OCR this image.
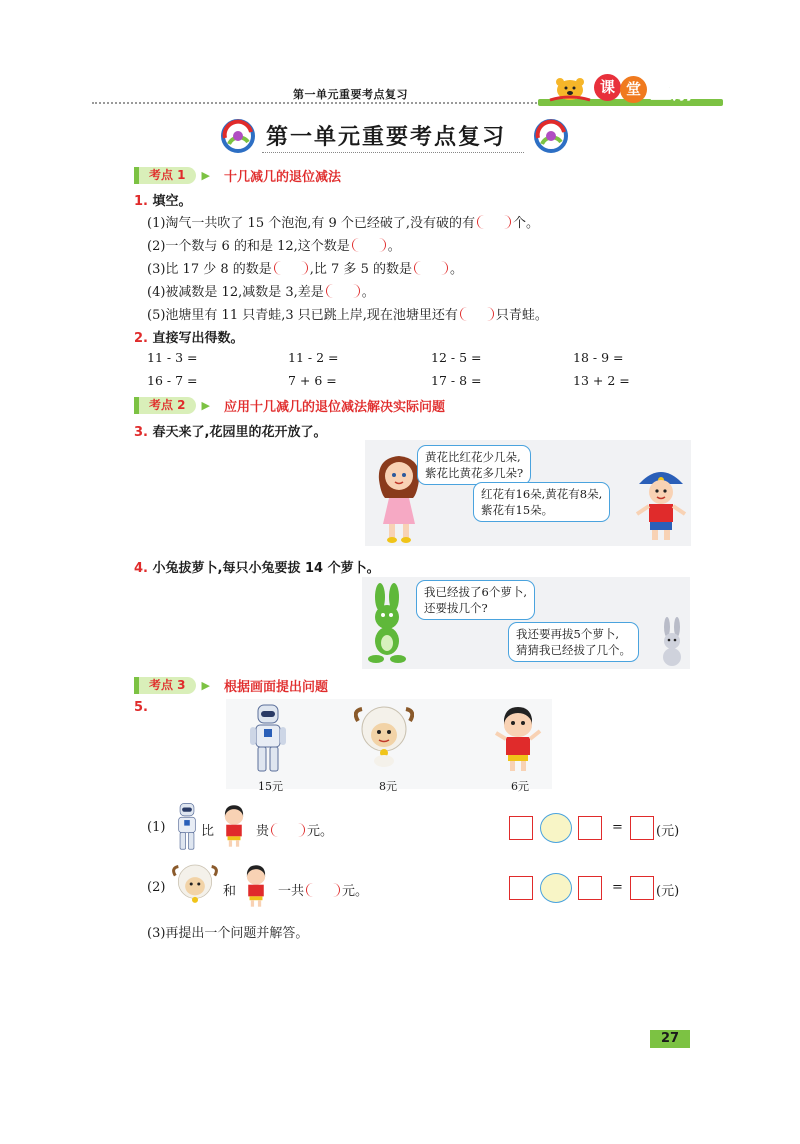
第一单元重要考点复习	课 堂 全解
第一单元重要考点复习
考点 1	▶ 十几减几的退位减法
1. 填空。
(1)淘气一共吹了 15 个泡泡,有 9 个已经破了,没有破的有	个。
(2)一个数与 6 的和是 12,这个数是	。
(3)比 17 少 8 的数是	,比 7 多 5 的数是	。
(4)被减数是 12,减数是 3,差是	。
(5)池塘里有 11 只青蛙,3 只已跳上岸,现在池塘里还有	只青蛙。
2. 直接写出得数。
11 - 3 =	11 - 2 =	12 - 5 =	18 - 9 =
16 - 7 =	7 + 6 =	17 - 8 =	13 + 2 =
考点 2	▶ 应用十几减几的退位减法解决实际问题
3. 春天来了,花园里的花开放了。
黄花比红花少几朵,
紫花比黄花多几朵?
红花有16朵,黄花有8朵,
紫花有15朵。
4. 小兔拔萝卜,每只小兔要拔 14 个萝卜。
我已经拔了6个萝卜,
还要拔几个?
我还要再拔5个萝卜,
猜猜我已经拔了几个。
考点 3	▶ 根据画面提出问题
5.
15元	8元	6元
(1)	比	贵	元。	=	(元)
(2)	和	一共	元。	=	(元)
(3)再提出一个问题并解答。
27
